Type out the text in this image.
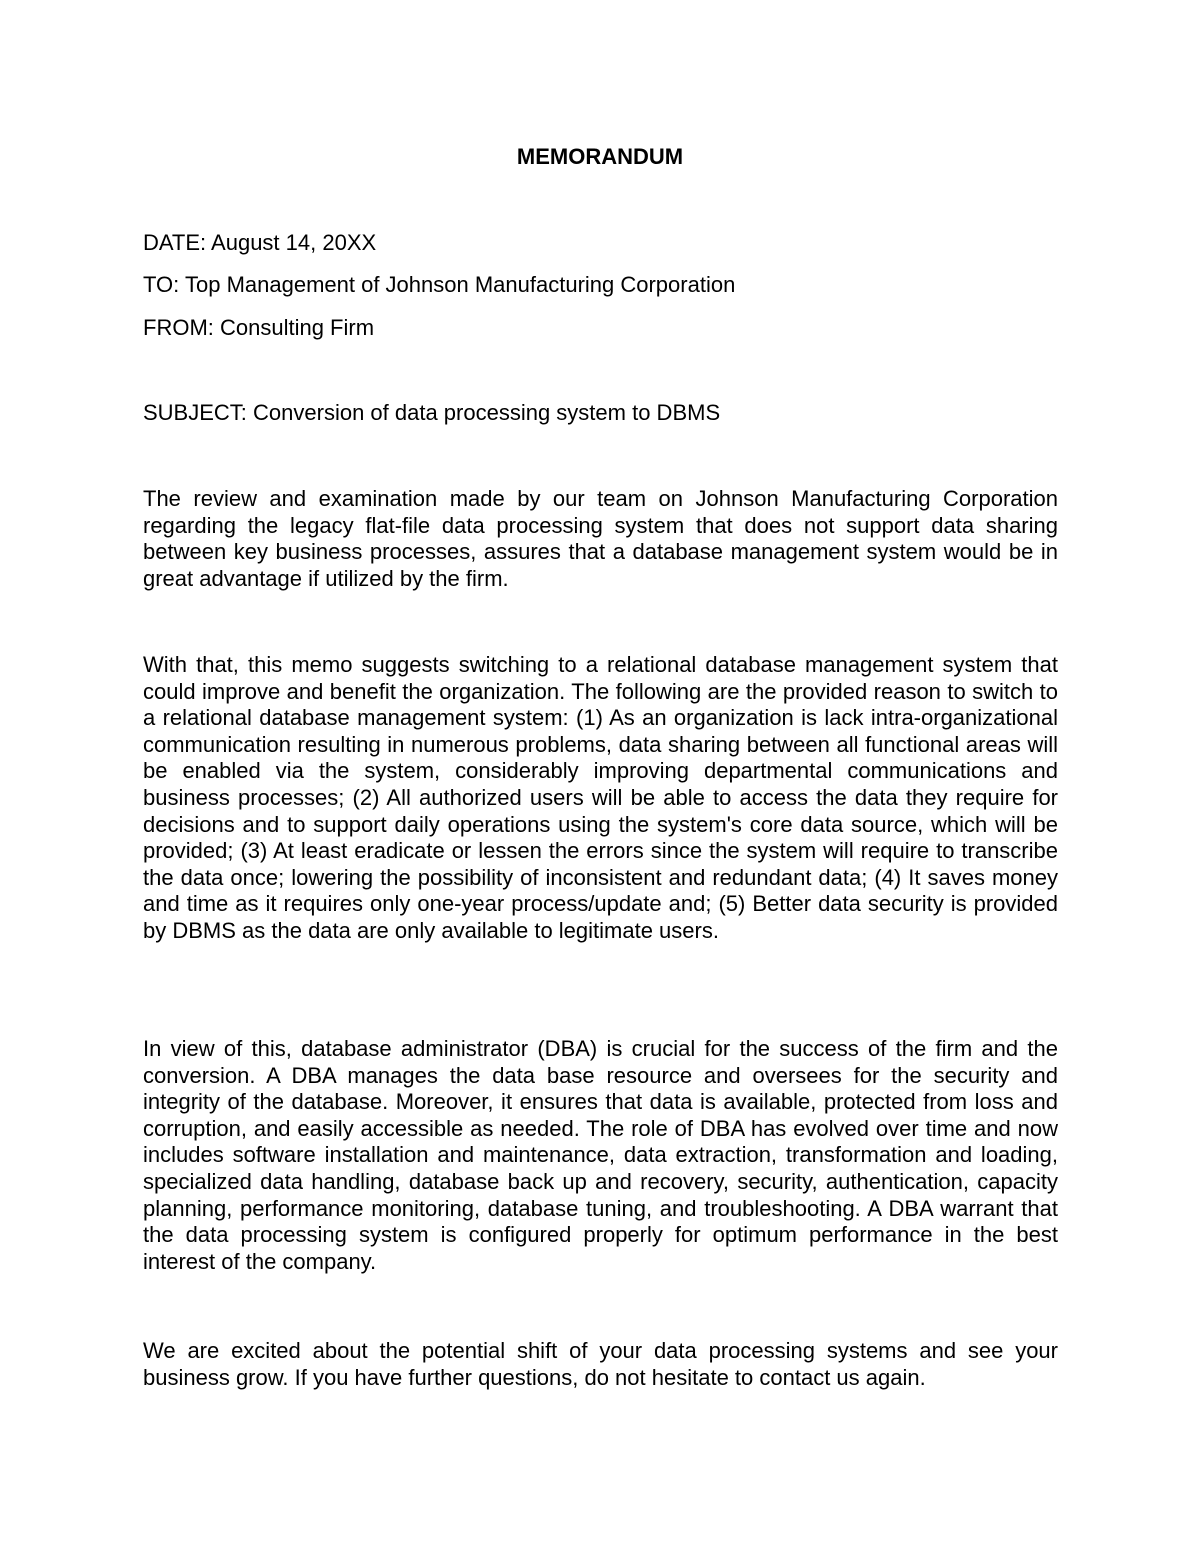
MEMORANDUM
DATE: August 14, 20XX
TO: Top Management of Johnson Manufacturing Corporation
FROM: Consulting Firm
SUBJECT: Conversion of data processing system to DBMS

The review and examination made by our team on Johnson Manufacturing Corporation regarding the legacy flat-file data processing system that does not support data sharing between key business processes, assures that a database management system would be in great advantage if utilized by the firm.

With that, this memo suggests switching to a relational database management system that could improve and benefit the organization. The following are the provided reason to switch to a relational database management system: (1) As an organization is lack intra-organizational communication resulting in numerous problems, data sharing between all functional areas will be enabled via the system, considerably improving departmental communications and business processes; (2) All authorized users will be able to access the data they require for decisions and to support daily operations using the system's core data source, which will be provided; (3) At least eradicate or lessen the errors since the system will require to transcribe the data once; lowering the possibility of inconsistent and redundant data; (4) It saves money and time as it requires only one-year process/update and; (5) Better data security is provided by DBMS as the data are only available to legitimate users.

In view of this, database administrator (DBA) is crucial for the success of the firm and the conversion. A DBA manages the data base resource and oversees for the security and integrity of the database. Moreover, it ensures that data is available, protected from loss and corruption, and easily accessible as needed. The role of DBA has evolved over time and now includes software installation and maintenance, data extraction, transformation and loading, specialized data handling, database back up and recovery, security, authentication, capacity planning, performance monitoring, database tuning, and troubleshooting. A DBA warrant that the data processing system is configured properly for optimum performance in the best interest of the company.

We are excited about the potential shift of your data processing systems and see your business grow. If you have further questions, do not hesitate to contact us again.
